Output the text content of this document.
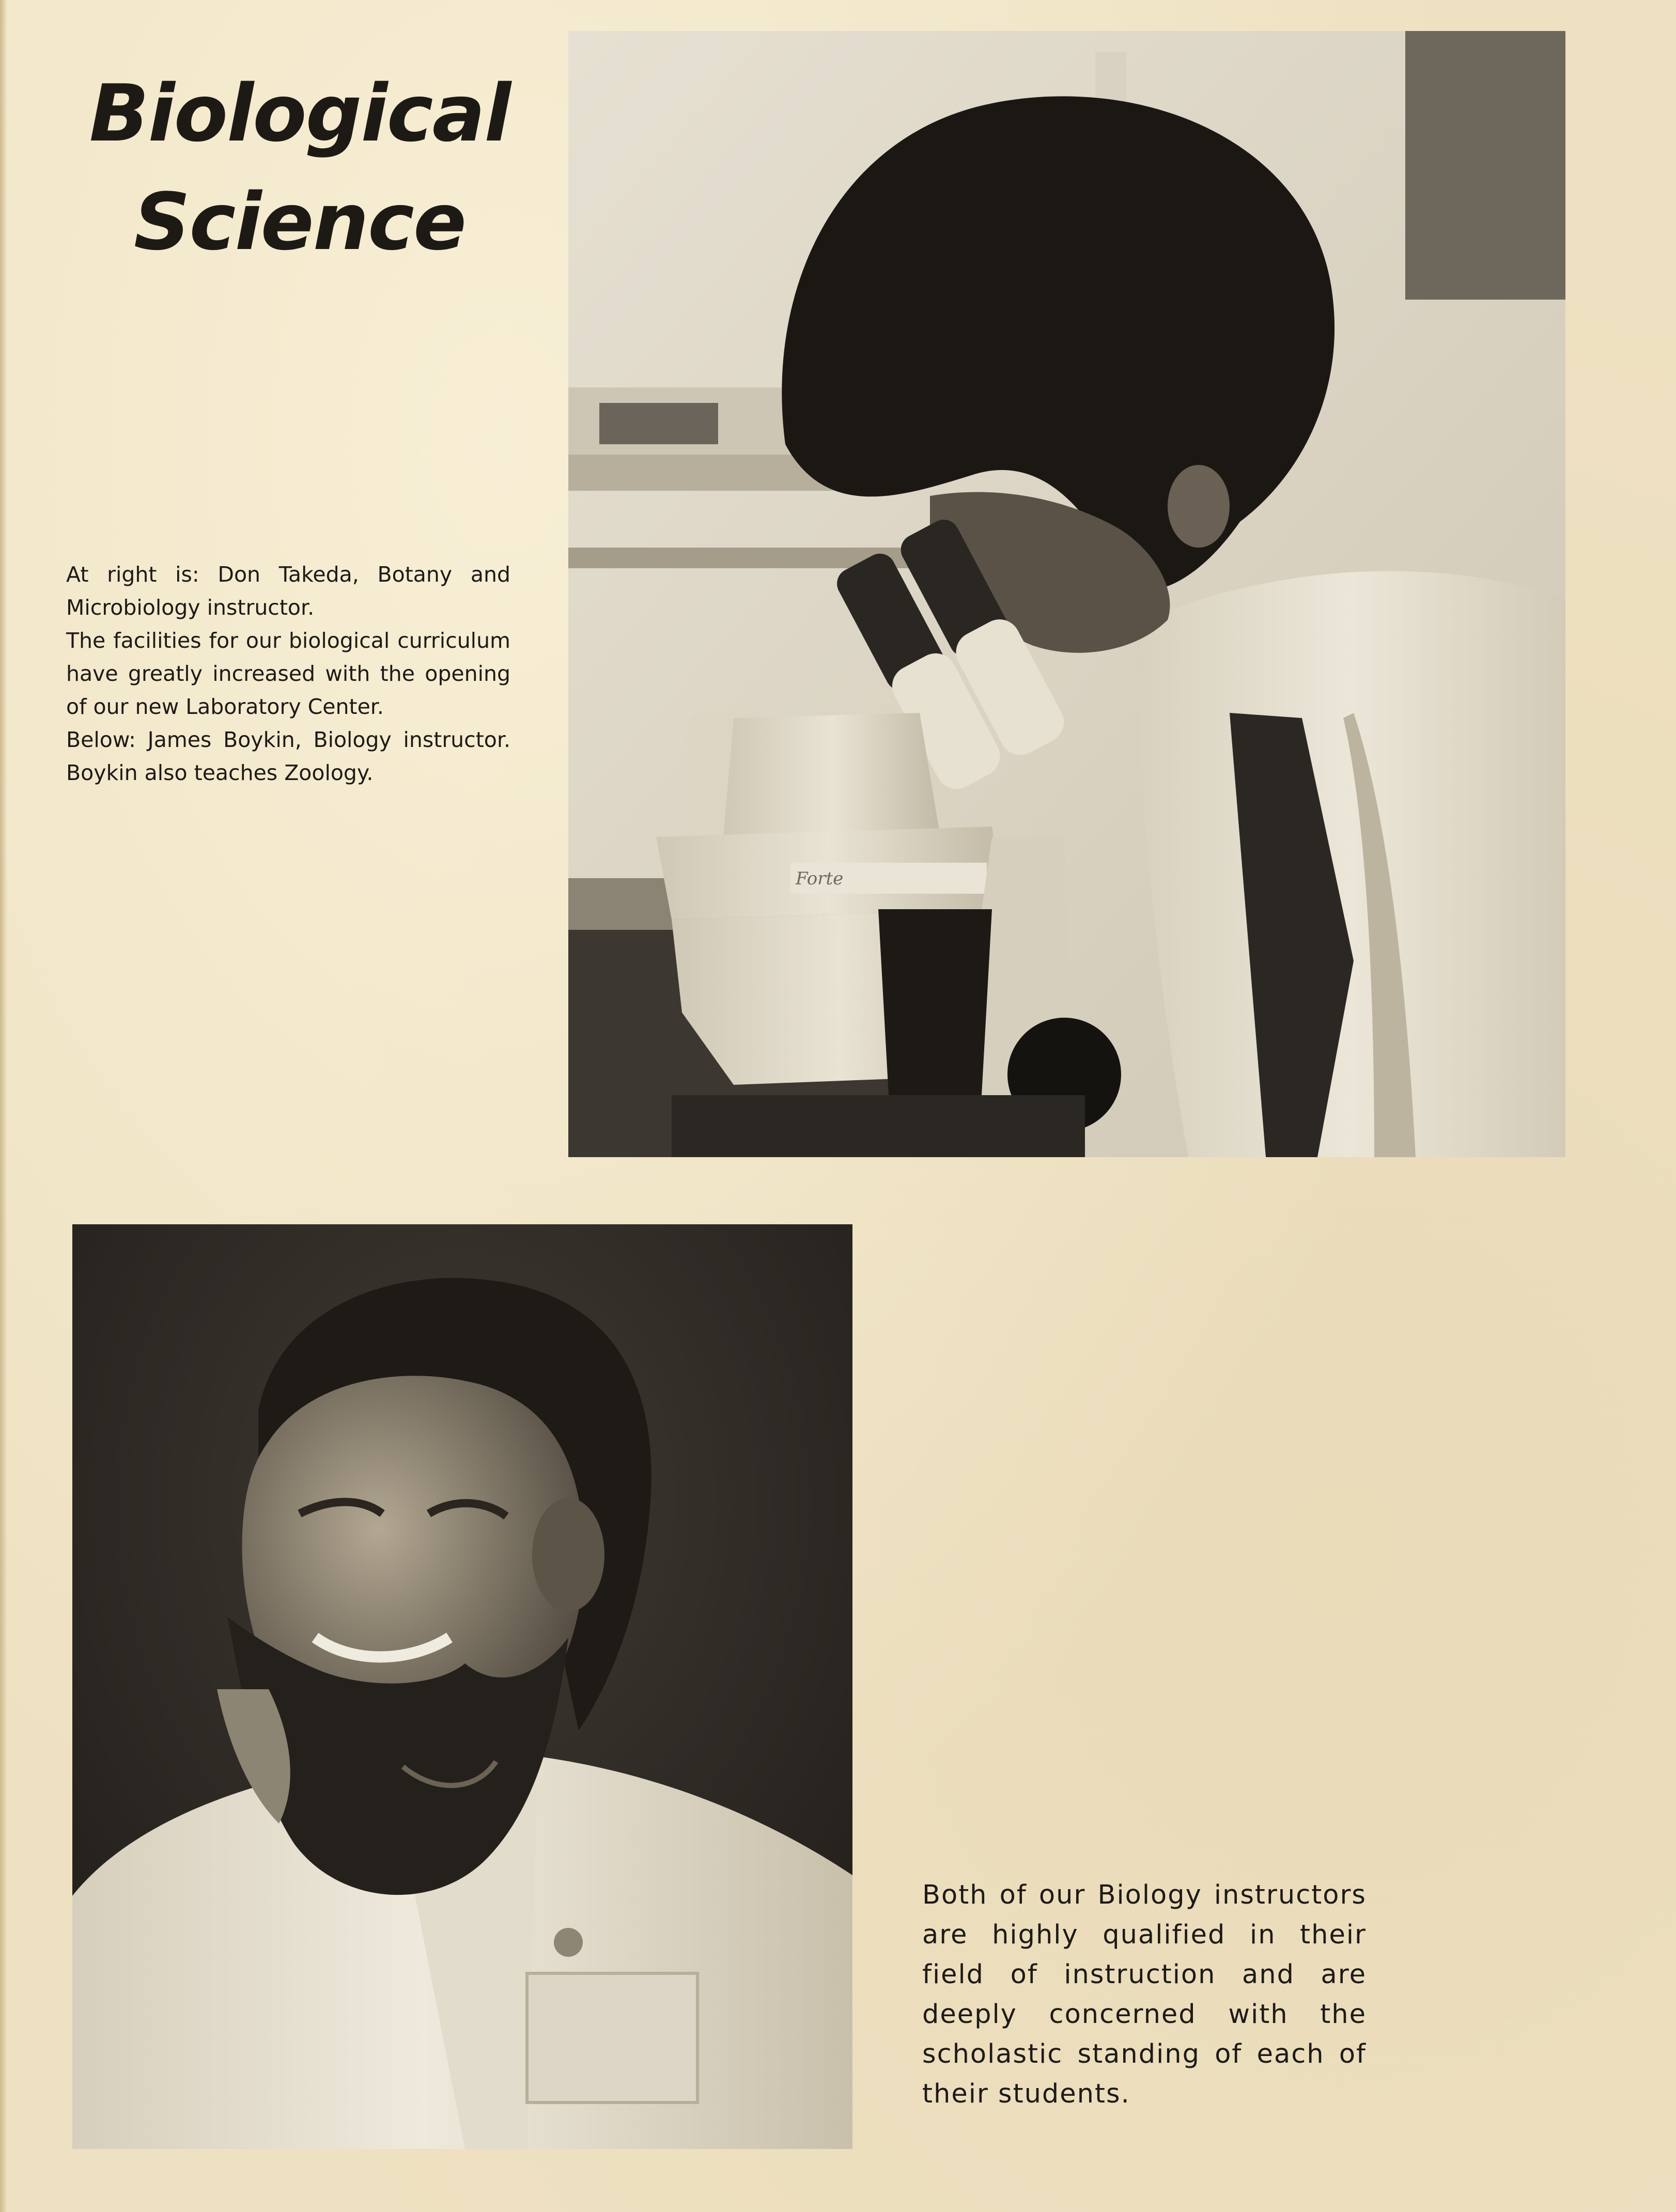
Biological
Science

At right is: Don Takeda, Botany and Microbiology instructor.

The facilities for our biological curriculum have greatly increased with the opening of our new Laboratory Center.

Below: James Boykin, Biology instructor. Boykin also teaches Zoology.

Forte

Both of our Biology instructors are highly qualified in their field of instruction and are deeply concerned with the scholastic standing of each of their students.
